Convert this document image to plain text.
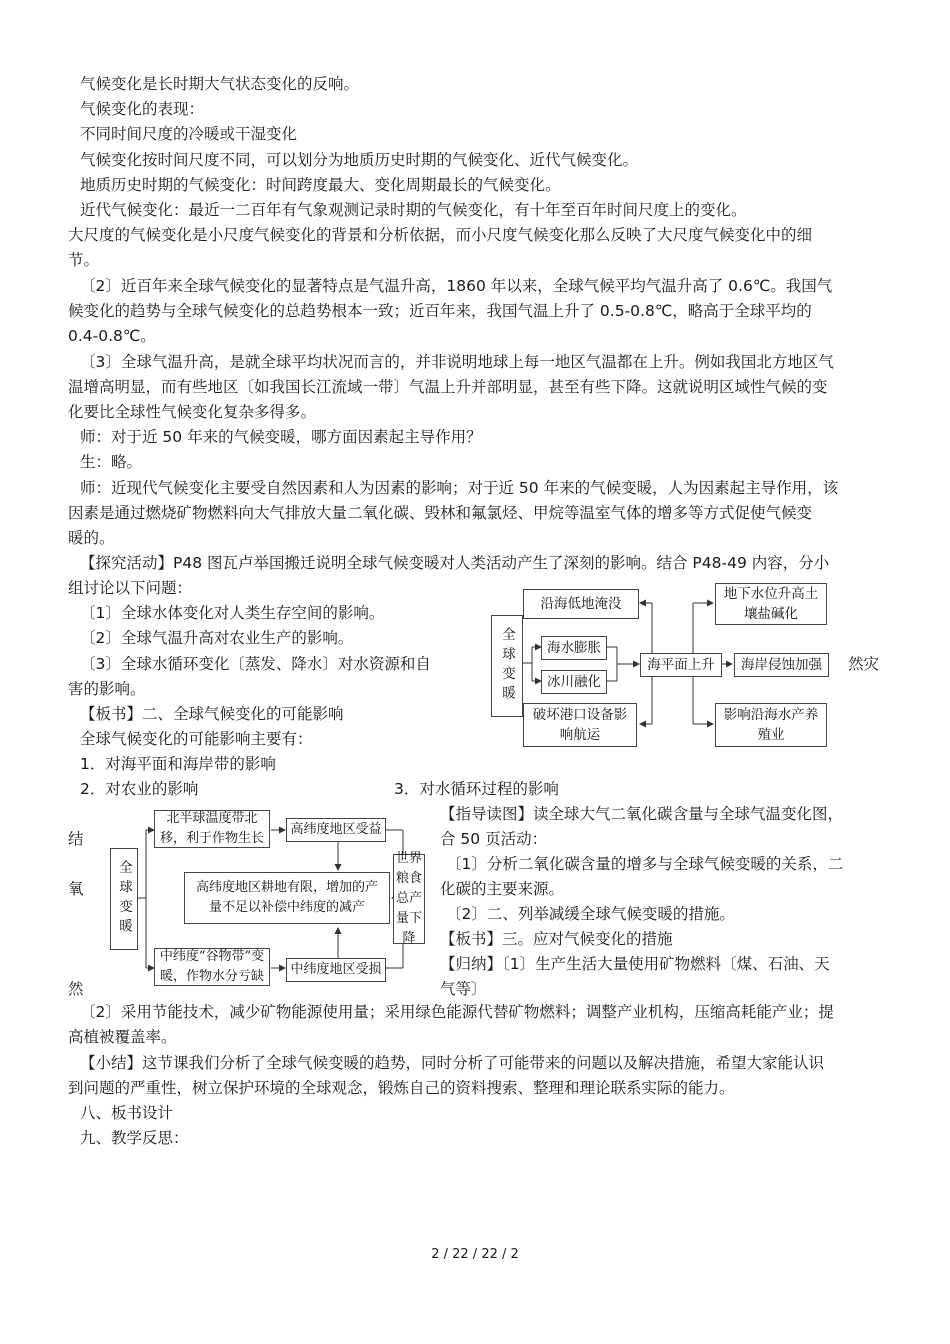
气候变化是长时期大气状态变化的反响。
气候变化的表现：
不同时间尺度的冷暖或干湿变化
气候变化按时间尺度不同，可以划分为地质历史时期的气候变化、近代气候变化。
地质历史时期的气候变化：时间跨度最大、变化周期最长的气候变化。
近代气候变化：最近一二百年有气象观测记录时期的气候变化，有十年至百年时间尺度上的变化。
大尺度的气候变化是小尺度气候变化的背景和分析依据，而小尺度气候变化那么反映了大尺度气候变化中的细
节。
〔2〕近百年来全球气候变化的显著特点是气温升高，1860 年以来，全球气候平均气温升高了 0.6℃。我国气
候变化的趋势与全球气候变化的总趋势根本一致；近百年来，我国气温上升了 0.5-0.8℃，略高于全球平均的
0.4-0.8℃。
〔3〕全球气温升高，是就全球平均状况而言的，并非说明地球上每一地区气温都在上升。例如我国北方地区气
温增高明显，而有些地区〔如我国长江流域一带〕气温上升并部明显，甚至有些下降。这就说明区域性气候的变
化要比全球性气候变化复杂多得多。
师：对于近 50 年来的气候变暖，哪方面因素起主导作用？
生：略。
师：近现代气候变化主要受自然因素和人为因素的影响；对于近 50 年来的气候变暖，人为因素起主导作用，该
因素是通过燃烧矿物燃料向大气排放大量二氧化碳、毁林和氟氯烃、甲烷等温室气体的增多等方式促使气候变
暖的。
【探究活动】P48 图瓦卢举国搬迁说明全球气候变暖对人类活动产生了深刻的影响。结合 P48-49 内容，分小
组讨论以下问题：
〔1〕全球水体变化对人类生存空间的影响。
〔2〕全球气温升高对农业生产的影响。
〔3〕全球水循环变化〔蒸发、降水〕对水资源和自	然灾
害的影响。
【板书】二、全球气候变化的可能影响
全球气候变化的可能影响主要有：
1．对海平面和海岸带的影响
2．对农业的影响	3．对水循环过程的影响
【指导读图】读全球大气二氧化碳含量与全球气温变化图，
合 50 页活动：
〔1〕分析二氧化碳含量的增多与全球气候变暖的关系，二
化碳的主要来源。
〔2〕二、列举减缓全球气候变暖的措施。
【板书】三。应对气候变化的措施
【归纳】〔1〕生产生活大量使用矿物燃料〔煤、石油、天
气等〕
结
氧
然
〔2〕采用节能技术，减少矿物能源使用量；采用绿色能源代替矿物燃料；调整产业机构，压缩高耗能产业；提
高植被覆盖率。
【小结】这节课我们分析了全球气候变暖的趋势，同时分析了可能带来的问题以及解决措施，希望大家能认识
到问题的严重性，树立保护环境的全球观念，锻炼自己的资料搜索、整理和理论联系实际的能力。
八、板书设计
九、教学反思：
全球变暖
沿海低地淹没
海水膨胀
冰川融化
破坏港口设备影响航运
海平面上升
地下水位升高土壤盐碱化
海岸侵蚀加强
影响沿海水产养殖业
全球变暖
北半球温度带北移，利于作物生长
高纬度地区受益
高纬度地区耕地有限，增加的产量不足以补偿中纬度的减产
世界粮食总产量下降
中纬度“谷物带”变暖，作物水分亏缺	中纬度地区受损
2 / 22 / 22 / 2
